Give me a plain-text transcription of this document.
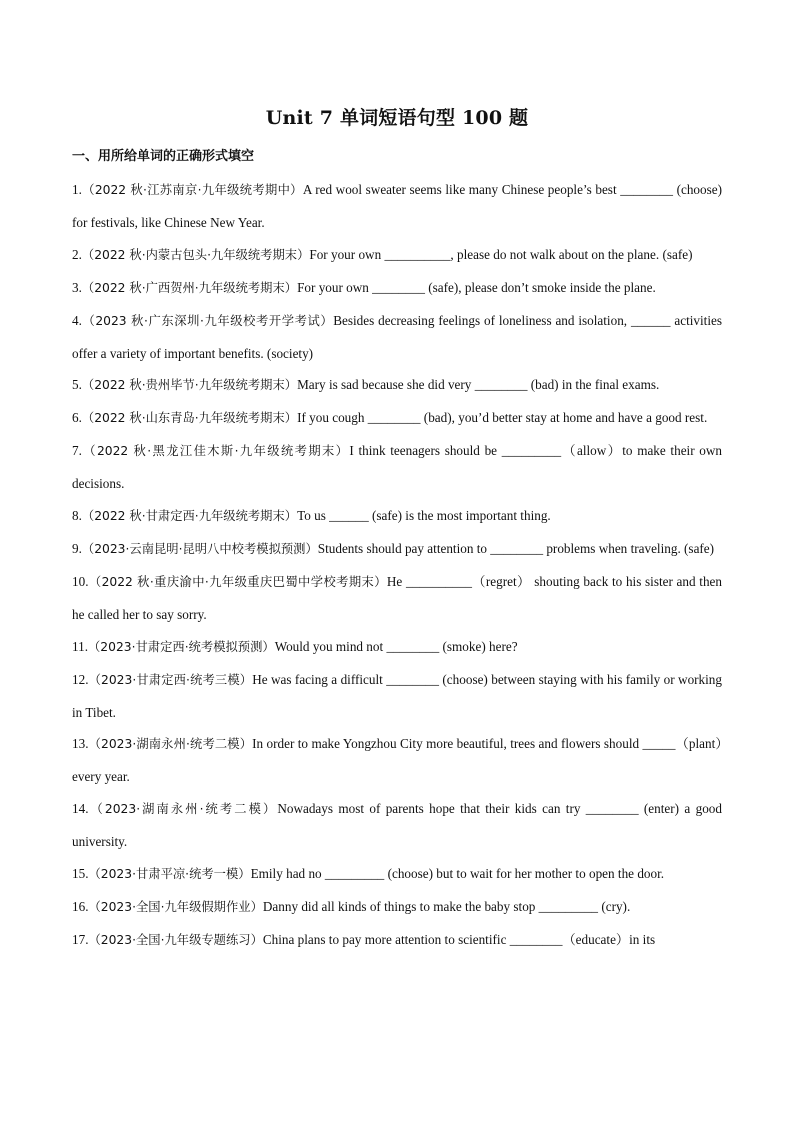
Unit 7 单词短语句型 100 题
一、用所给单词的正确形式填空

1.（2022 秋·江苏南京·九年级统考期中）A red wool sweater seems like many Chinese people’s best ________ (choose) for festivals, like Chinese New Year.

2.（2022 秋·内蒙古包头·九年级统考期末）For your own __________, please do not walk about on the plane. (safe)

3.（2022 秋·广西贺州·九年级统考期末）For your own ________ (safe), please don’t smoke inside the plane.

4.（2023 秋·广东深圳·九年级校考开学考试）Besides decreasing feelings of loneliness and isolation, ______ activities offer a variety of important benefits. (society)

5.（2022 秋·贵州毕节·九年级统考期末）Mary is sad because she did very ________ (bad) in the final exams.

6.（2022 秋·山东青岛·九年级统考期末）If you cough ________ (bad), you’d better stay at home and have a good rest.

7.（2022 秋·黑龙江佳木斯·九年级统考期末）I think teenagers should be _________（allow）to make their own decisions.

8.（2022 秋·甘肃定西·九年级统考期末）To us ______ (safe) is the most important thing.

9.（2023·云南昆明·昆明八中校考模拟预测）Students should pay attention to ________ problems when traveling. (safe)

10.（2022 秋·重庆渝中·九年级重庆巴蜀中学校考期末）He __________（regret） shouting back to his sister and then he called her to say sorry.

11.（2023·甘肃定西·统考模拟预测）Would you mind not ________ (smoke) here?

12.（2023·甘肃定西·统考三模）He was facing a difficult ________ (choose) between staying with his family or working in Tibet.

13.（2023·湖南永州·统考二模）In order to make Yongzhou City more beautiful, trees and flowers should _____（plant）every year.

14.（2023·湖南永州·统考二模）Nowadays most of parents hope that their kids can try ________ (enter) a good university.

15.（2023·甘肃平凉·统考一模）Emily had no _________ (choose) but to wait for her mother to open the door.

16.（2023·全国·九年级假期作业）Danny did all kinds of things to make the baby stop _________ (cry).

17.（2023·全国·九年级专题练习）China plans to pay more attention to scientific ________（educate）in its
